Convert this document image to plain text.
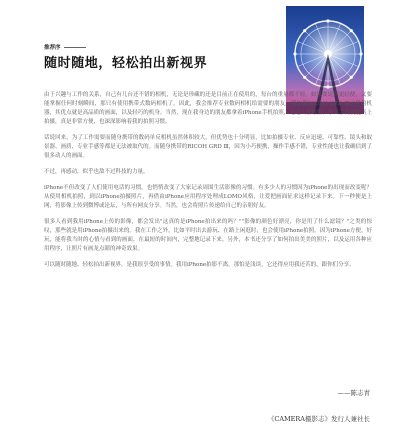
推荐序
随时随地，轻松拍出新视界

由于兴趣与工作的关系，自己有几台还不错的相机，无论是珍藏的还是目前正在使用的，每台的重量都不轻。如果要说到更轻便，又要能掌握任何时刻瞬间，那只有使用携带式数码相机了。因此，我会推荐专业数码相机给需要的朋友，例如像RICOH GRD Ⅲ这样的机器，其优点就是高品质的画面，以及轻巧的机身。当然，现在我身边的朋友都拿着iPhone手机拍照，无论人在哪里，拿出手机就能马上拍摄，真是非常方便，也深深影响着我的拍照习惯。

话说回来，为了工作需要而随身携带的数码单反相机虽然体积较大，但优势也十分明显，比如拍摄专业、反应迅速、可靠性、镜头和取景器、画质，专业手感等都是无法被取代的。而随身携带的RICOH GRD Ⅲ，因为小巧便携，操作手感不错，专业性能也让我确信到了很多动人的画面。

不过，再感动，似乎也敌不过科技的力量。

iPhone不但改变了人们使用电话的习惯，也悄悄改变了大家记录周围生活影像的习惯。有多少人的习惯因为iPhone的出现而改变呢？从使用相机拍照，到以iPhone拍摄照片，再借由iPhone应用程序处理成LOMO风格，让爱把画面征求这样记录下来。下一秒便是上网，将影像上传到微博或论坛，与所有网友分享。当然，也会将照片传递给自己的亲朋好友。

很多人看到我用iPhone上传的影像，都会发出"这真的是iPhone拍出来的吗？""影像的颜色好漂亮，你是用了什么滤镜？"之类的惊叹，那些就是用iPhone拍摄出来的。我在工作之外，比如平时出去游玩、在路上闲逛时，也会使用iPhone拍照。因为iPhone方便，好玩，能将我当时的心情与看到的画面，在最短的时间内，完整地记录下来。另外，本书还分享了如何拍出美美的照片，以及运用各种应用程序，让照片有画龙点睛的神奇效果。

可以随时随地、轻松拍出新视界，是我很享受的事情。我用iPhone拍影不离，那怕是浅谈，它还得应用我还苦的，跟你们分享。

——陈志青
《CAMERA摄影志》发行人兼社长
